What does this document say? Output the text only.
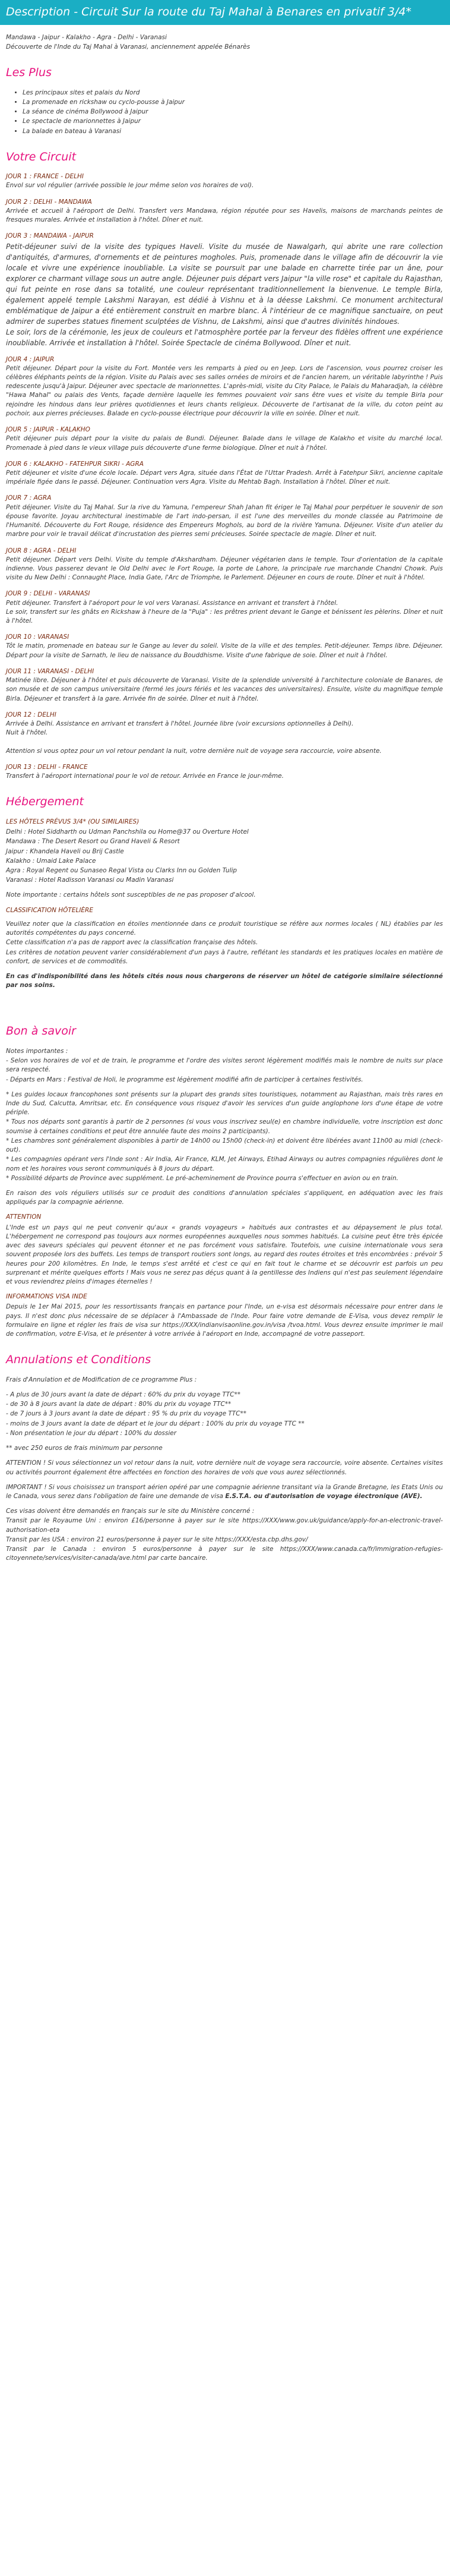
Description - Circuit Sur la route du Taj Mahal à Benares en privatif 3/4*

Mandawa - Jaipur - Kalakho - Agra - Delhi - Varanasi

Découverte de l'Inde du Taj Mahal à Varanasi, anciennement appelée Bénarès

Les Plus
• Les principaux sites et palais du Nord
• La promenade en rickshaw ou cyclo-pousse à Jaipur
• La séance de cinéma Bollywood à Jaipur
• Le spectacle de marionnettes à Jaipur
• La balade en bateau à Varanasi
Votre Circuit
JOUR 1 : FRANCE - DELHI

Envol sur vol régulier (arrivée possible le jour même selon vos horaires de vol).

JOUR 2 : DELHI - MANDAWA

Arrivée et accueil à l'aéroport de Delhi. Transfert vers Mandawa, région réputée pour ses Havelis, maisons de marchands peintes de fresques murales. Arrivée et installation à l'hôtel. Dîner et nuit.

JOUR 3 : MANDAWA - JAIPUR

Petit-déjeuner suivi de la visite des typiques Haveli. Visite du musée de Nawalgarh, qui abrite une rare collection d'antiquités, d'armures, d'ornements et de peintures mogholes. Puis, promenade dans le village afin de découvrir la vie locale et vivre une expérience inoubliable. La visite se poursuit par une balade en charrette tirée par un âne, pour explorer ce charmant village sous un autre angle. Déjeuner puis départ vers Jaipur "la ville rose" et capitale du Rajasthan, qui fut peinte en rose dans sa totalité, une couleur représentant traditionnellement la bienvenue. Le temple Birla, également appelé temple Lakshmi Narayan, est dédié à Vishnu et à la déesse Lakshmi. Ce monument architectural emblématique de Jaipur a été entièrement construit en marbre blanc. À l'intérieur de ce magnifique sanctuaire, on peut admirer de superbes statues finement sculptées de Vishnu, de Lakshmi, ainsi que d'autres divinités hindoues.
Le soir, lors de la cérémonie, les jeux de couleurs et l'atmosphère portée par la ferveur des fidèles offrent une expérience inoubliable. Arrivée et installation à l'hôtel. Soirée Spectacle de cinéma Bollywood. Dîner et nuit.

JOUR 4 : JAIPUR

Petit déjeuner. Départ pour la visite du Fort. Montée vers les remparts à pied ou en Jeep. Lors de l'ascension, vous pourrez croiser les célèbres éléphants peints de la région. Visite du Palais avec ses salles ornées de miroirs et de l'ancien harem, un véritable labyrinthe ! Puis redescente jusqu'à Jaipur. Déjeuner avec spectacle de marionnettes. L'après-midi, visite du City Palace, le Palais du Maharadjah, la célèbre "Hawa Mahal" ou palais des Vents, façade dernière laquelle les femmes pouvaient voir sans être vues et visite du temple Birla pour rejoindre les hindous dans leur prières quotidiennes et leurs chants religieux. Découverte de l'artisanat de la ville, du coton peint au pochoir, aux pierres précieuses. Balade en cyclo-pousse électrique pour découvrir la ville en soirée. Dîner et nuit.

JOUR 5 : JAIPUR - KALAKHO

Petit déjeuner puis départ pour la visite du palais de Bundi. Déjeuner. Balade dans le village de Kalakho et visite du marché local. Promenade à pied dans le vieux village puis découverte d'une ferme biologique. Dîner et nuit à l'hôtel.

JOUR 6 : KALAKHO - FATEHPUR SIKRI - AGRA

Petit déjeuner et visite d'une école locale. Départ vers Agra, située dans l'État de l'Uttar Pradesh. Arrêt à Fatehpur Sikri, ancienne capitale impériale figée dans le passé. Déjeuner. Continuation vers Agra. Visite du Mehtab Bagh. Installation à l'hôtel. Dîner et nuit.

JOUR 7 : AGRA

Petit déjeuner. Visite du Taj Mahal. Sur la rive du Yamuna, l'empereur Shah Jahan fit ériger le Taj Mahal pour perpétuer le souvenir de son épouse favorite. Joyau architectural inestimable de l'art indo-persan, il est l'une des merveilles du monde classée au Patrimoine de l'Humanité. Découverte du Fort Rouge, résidence des Empereurs Moghols, au bord de la rivière Yamuna. Déjeuner. Visite d'un atelier du marbre pour voir le travail délicat d'incrustation des pierres semi précieuses. Soirée spectacle de magie. Dîner et nuit.

JOUR 8 : AGRA - DELHI

Petit déjeuner. Départ vers Delhi. Visite du temple d'Akshardham. Déjeuner végétarien dans le temple. Tour d'orientation de la capitale indienne. Vous passerez devant le Old Delhi avec le Fort Rouge, la porte de Lahore, la principale rue marchande Chandni Chowk. Puis visite du New Delhi : Connaught Place, India Gate, l'Arc de Triomphe, le Parlement. Déjeuner en cours de route. Dîner et nuit à l'hôtel.

JOUR 9 : DELHI - VARANASI

Petit déjeuner. Transfert à l'aéroport pour le vol vers Varanasi. Assistance en arrivant et transfert à l'hôtel.
Le soir, transfert sur les ghâts en Rickshaw à l'heure de la "Puja" : les prêtres prient devant le Gange et bénissent les pèlerins. Dîner et nuit à l'hôtel.

JOUR 10 : VARANASI

Tôt le matin, promenade en bateau sur le Gange au lever du soleil. Visite de la ville et des temples. Petit-déjeuner. Temps libre. Déjeuner. Départ pour la visite de Sarnath, le lieu de naissance du Bouddhisme. Visite d'une fabrique de soie. Dîner et nuit à l'hôtel.

JOUR 11 : VARANASI - DELHI

Matinée libre. Déjeuner à l'hôtel et puis découverte de Varanasi. Visite de la splendide université à l'architecture coloniale de Banares, de son musée et de son campus universitaire (fermé les jours fériés et les vacances des universitaires). Ensuite, visite du magnifique temple Birla. Déjeuner et transfert à la gare. Arrivée fin de soirée. Dîner et nuit à l'hôtel.

JOUR 12 : DELHI

Arrivée à Delhi. Assistance en arrivant et transfert à l'hôtel. Journée libre (voir excursions optionnelles à Delhi).
Nuit à l'hôtel.

Attention si vous optez pour un vol retour pendant la nuit, votre dernière nuit de voyage sera raccourcie, voire absente.

JOUR 13 : DELHI - FRANCE

Transfert à l'aéroport international pour le vol de retour. Arrivée en France le jour-même.

Hébergement
LES HÔTELS PRÉVUS 3/4* (OU SIMILAIRES)

Delhi : Hotel Siddharth ou Udman Panchshila ou Home@37 ou Overture Hotel

Mandawa : The Desert Resort ou Grand Haveli & Resort

Jaipur : Khandela Haveli ou Brij Castle

Kalakho : Umaid Lake Palace

Agra : Royal Regent ou Sunaseo Regal Vista ou Clarks Inn ou Golden Tulip

Varanasi : Hotel Radisson Varanasi ou Madin Varanasi

Note importante : certains hôtels sont susceptibles de ne pas proposer d'alcool.
CLASSIFICATION HÔTELIÈRE

Veuillez noter que la classification en étoiles mentionnée dans ce produit touristique se réfère aux normes locales ( NL) établies par les autorités compétentes du pays concerné.

Cette classification n'a pas de rapport avec la classification française des hôtels.

Les critères de notation peuvent varier considérablement d'un pays à l'autre, reflétant les standards et les pratiques locales en matière de confort, de services et de commodités.

En cas d'indisponibilité dans les hôtels cités nous nous chargerons de réserver un hôtel de catégorie similaire sélectionné par nos soins.
Bon à savoir

Notes importantes :

- Selon vos horaires de vol et de train, le programme et l'ordre des visites seront légèrement modifiés mais le nombre de nuits sur place sera respecté.

- Départs en Mars : Festival de Holi, le programme est légèrement modifié afin de participer à certaines festivités.

* Les guides locaux francophones sont présents sur la plupart des grands sites touristiques, notamment au Rajasthan, mais très rares en Inde du Sud, Calcutta, Amritsar, etc. En conséquence vous risquez d'avoir les services d'un guide anglophone lors d'une étape de votre périple.

* Tous nos départs sont garantis à partir de 2 personnes (si vous vous inscrivez seul(e) en chambre individuelle, votre inscription est donc soumise à certaines conditions et peut être annulée faute des moins 2 participants).

* Les chambres sont généralement disponibles à partir de 14h00 ou 15h00 (check-in) et doivent être libérées avant 11h00 au midi (check-out).

* Les compagnies opérant vers l'Inde sont : Air India, Air France, KLM, Jet Airways, Etihad Airways ou autres compagnies régulières dont le nom et les horaires vous seront communiqués à 8 jours du départ.

* Possibilité départs de Province avec supplément. Le pré-acheminement de Province pourra s'effectuer en avion ou en train.

En raison des vols réguliers utilisés sur ce produit des conditions d'annulation spéciales s'appliquent, en adéquation avec les frais appliqués par la compagnie aérienne.
ATTENTION

L'Inde est un pays qui ne peut convenir qu'aux « grands voyageurs » habitués aux contrastes et au dépaysement le plus total. L'hébergement ne correspond pas toujours aux normes européennes auxquelles nous sommes habitués. La cuisine peut être très épicée avec des saveurs spéciales qui peuvent étonner et ne pas forcément vous satisfaire. Toutefois, une cuisine internationale vous sera souvent proposée lors des buffets. Les temps de transport routiers sont longs, au regard des routes étroites et très encombrées : prévoir 5 heures pour 200 kilomètres. En Inde, le temps s'est arrêté et c'est ce qui en fait tout le charme et se découvrir est parfois un peu surprenant et mérite quelques efforts ! Mais vous ne serez pas déçus quant à la gentillesse des Indiens qui n'est pas seulement légendaire et vous reviendrez pleins d'images éternelles !

INFORMATIONS VISA INDE

Depuis le 1er Mai 2015, pour les ressortissants français en partance pour l'Inde, un e-visa est désormais nécessaire pour entrer dans le pays. Il n'est donc plus nécessaire de se déplacer à l'Ambassade de l'Inde. Pour faire votre demande de E-Visa, vous devez remplir le formulaire en ligne et régler les frais de visa sur https://XXX/indianvisaonline.gov.in/visa /tvoa.html. Vous devrez ensuite imprimer le mail de confirmation, votre E-Visa, et le présenter à votre arrivée à l'aéroport en Inde, accompagné de votre passeport.

Annulations et Conditions
Frais d'Annulation et de Modification de ce programme Plus :

- A plus de 30 jours avant la date de départ : 60% du prix du voyage TTC**

- de 30 à 8 jours avant la date de départ : 80% du prix du voyage TTC**

- de 7 jours à 3 jours avant la date de départ : 95 % du prix du voyage TTC**

- moins de 3 jours avant la date de départ et le jour du départ : 100% du prix du voyage TTC **

- Non présentation le jour du départ : 100% du dossier

** avec 250 euros de frais minimum par personne
ATTENTION ! Si vous sélectionnez un vol retour dans la nuit, votre dernière nuit de voyage sera raccourcie, voire absente. Certaines visites ou activités pourront également être affectées en fonction des horaires de vols que vous aurez sélectionnés.
IMPORTANT ! Si vous choisissez un transport aérien opéré par une compagnie aérienne transitant via la Grande Bretagne, les Etats Unis ou le Canada, vous serez dans l'obligation de faire une demande de visa E.S.T.A. ou d'autorisation de voyage électronique (AVE).

Ces visas doivent être demandés en français sur le site du Ministère concerné :

Transit par le Royaume Uni : environ £16/personne à payer sur le site https://XXX/www.gov.uk/guidance/apply-for-an-electronic-travel-authorisation-eta

Transit par les USA : environ 21 euros/personne à payer sur le site https://XXX/esta.cbp.dhs.gov/

Transit par le Canada : environ 5 euros/personne à payer sur le site https://XXX/www.canada.ca/fr/immigration-refugies-citoyennete/services/visiter-canada/ave.html par carte bancaire.
